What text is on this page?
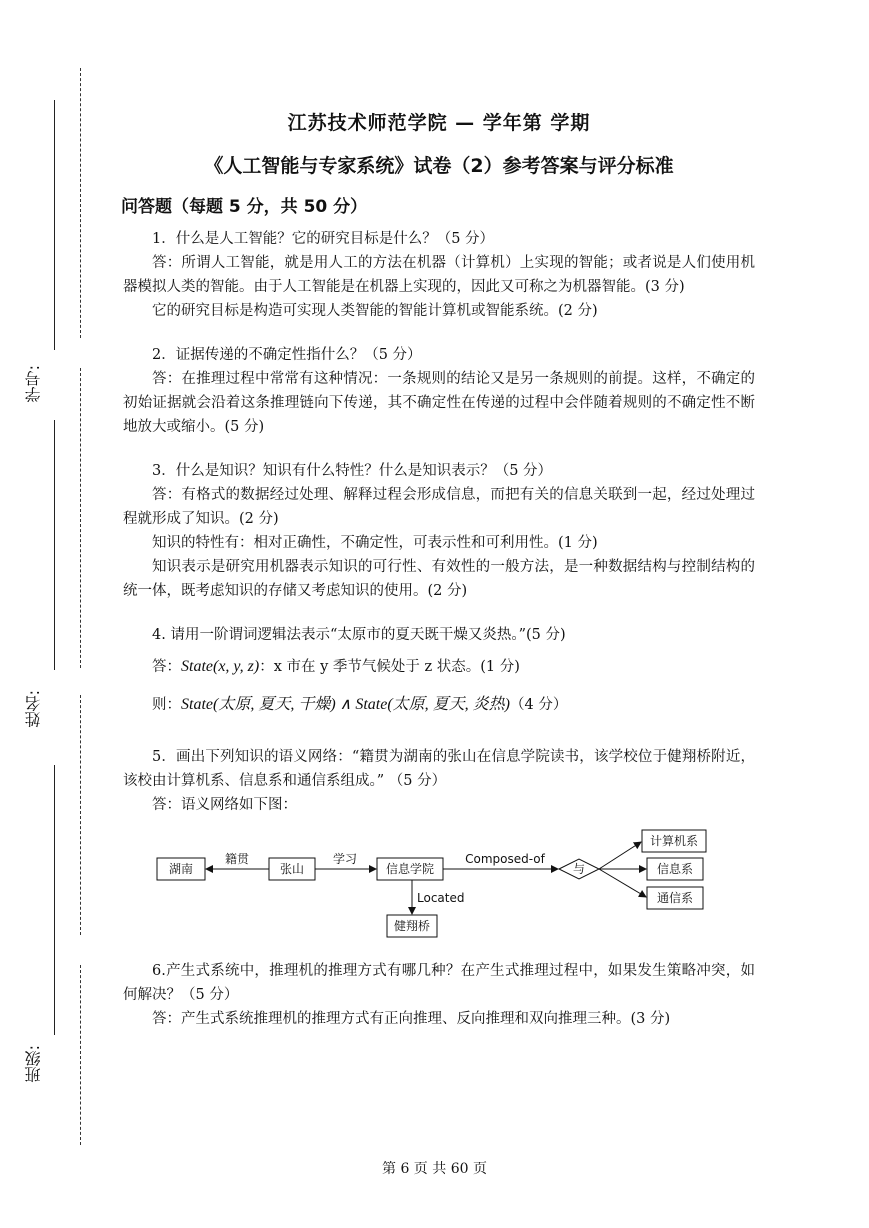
学号:
姓名:
班级:
江苏技术师范学院 — 学年第 学期
《人工智能与专家系统》试卷（2）参考答案与评分标准
问答题（每题 5 分，共 50 分）

1．什么是人工智能？它的研究目标是什么？（5 分）

答：所谓人工智能，就是用人工的方法在机器（计算机）上实现的智能；或者说是人们使用机器模拟人类的智能。由于人工智能是在机器上实现的，因此又可称之为机器智能。(3 分)

它的研究目标是构造可实现人类智能的智能计算机或智能系统。(2 分)

2．证据传递的不确定性指什么？（5 分）

答：在推理过程中常常有这种情况：一条规则的结论又是另一条规则的前提。这样，不确定的初始证据就会沿着这条推理链向下传递，其不确定性在传递的过程中会伴随着规则的不确定性不断地放大或缩小。(5 分)

3．什么是知识？知识有什么特性？什么是知识表示？（5 分）

答：有格式的数据经过处理、解释过程会形成信息，而把有关的信息关联到一起，经过处理过程就形成了知识。(2 分)

知识的特性有：相对正确性，不确定性，可表示性和可利用性。(1 分)

知识表示是研究用机器表示知识的可行性、有效性的一般方法，是一种数据结构与控制结构的统一体，既考虑知识的存储又考虑知识的使用。(2 分)

4. 请用一阶谓词逻辑法表示“太原市的夏天既干燥又炎热。”(5 分)

答：State(x, y, z)：x 市在 y 季节气候处于 z 状态。(1 分)
则：State(太原, 夏天, 干燥) ∧ State(太原, 夏天, 炎热)（4 分）

5．画出下列知识的语义网络：“籍贯为湖南的张山在信息学院读书，该学校位于健翔桥附近，该校由计算机系、信息系和通信系组成。” （5 分）

答：语义网络如下图：

湖南	张山	信息学院
健翔桥
与
计算机系
信息系
通信系
籍贯	学习	Composed-of
Located

6.产生式系统中，推理机的推理方式有哪几种？在产生式推理过程中，如果发生策略冲突，如何解决？（5 分）

答：产生式系统推理机的推理方式有正向推理、反向推理和双向推理三种。(3 分)

第 6 页 共 60 页
